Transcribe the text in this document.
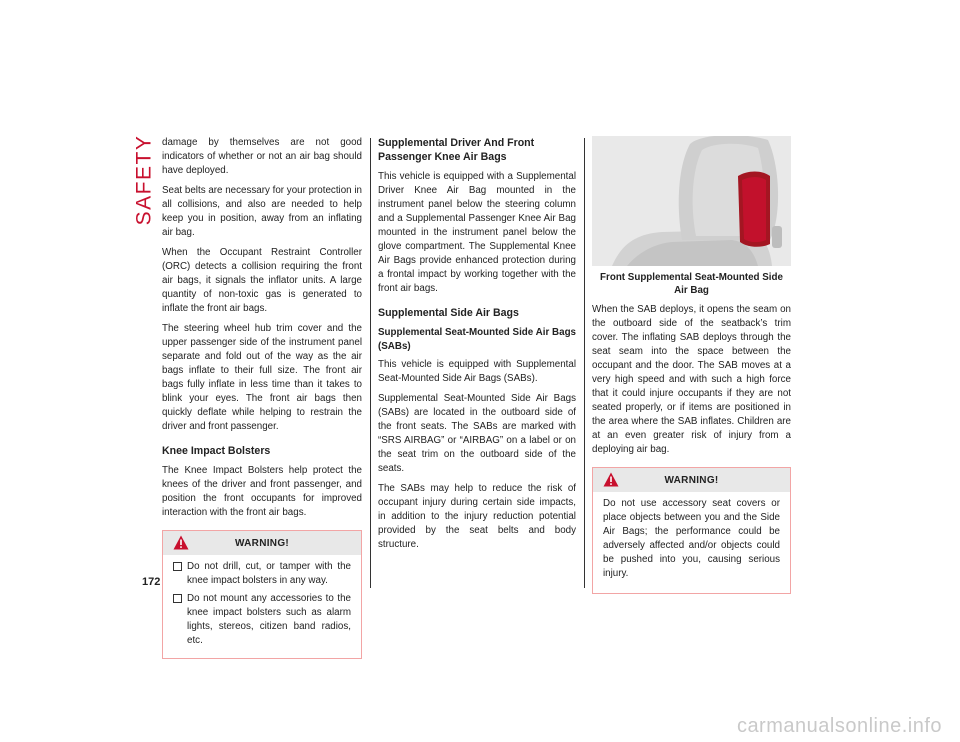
SAFETY
172

damage by themselves are not good indicators of whether or not an air bag should have deployed.

Seat belts are necessary for your protection in all collisions, and also are needed to help keep you in position, away from an inflating air bag.

When the Occupant Restraint Controller (ORC) detects a collision requiring the front air bags, it signals the inflator units. A large quantity of non-toxic gas is generated to inflate the front air bags.

The steering wheel hub trim cover and the upper passenger side of the instrument panel separate and fold out of the way as the air bags inflate to their full size. The front air bags fully inflate in less time than it takes to blink your eyes. The front air bags then quickly deflate while helping to restrain the driver and front passenger.

Knee Impact Bolsters

The Knee Impact Bolsters help protect the knees of the driver and front passenger, and position the front occupants for improved interaction with the front air bags.

WARNING!

Do not drill, cut, or tamper with the knee impact bolsters in any way.

Do not mount any accessories to the knee impact bolsters such as alarm lights, stereos, citizen band radios, etc.

Supplemental Driver And Front Passenger Knee Air Bags

This vehicle is equipped with a Supplemental Driver Knee Air Bag mounted in the instrument panel below the steering column and a Supplemental Passenger Knee Air Bag mounted in the instrument panel below the glove compartment. The Supplemental Knee Air Bags provide enhanced protection during a frontal impact by working together with the front air bags.

Supplemental Side Air Bags
Supplemental Seat-Mounted Side Air Bags (SABs)

This vehicle is equipped with Supplemental Seat-Mounted Side Air Bags (SABs).

Supplemental Seat-Mounted Side Air Bags (SABs) are located in the outboard side of the front seats. The SABs are marked with “SRS AIRBAG” or “AIRBAG” on a label or on the seat trim on the outboard side of the seats.

The SABs may help to reduce the risk of occupant injury during certain side impacts, in addition to the injury reduction potential provided by the seat belts and body structure.

Front Supplemental Seat-Mounted Side Air Bag

When the SAB deploys, it opens the seam on the outboard side of the seatback’s trim cover. The inflating SAB deploys through the seat seam into the space between the occupant and the door. The SAB moves at a very high speed and with such a high force that it could injure occupants if they are not seated properly, or if items are positioned in the area where the SAB inflates. Children are at an even greater risk of injury from a deploying air bag.

WARNING!

Do not use accessory seat covers or place objects between you and the Side Air Bags; the performance could be adversely affected and/or objects could be pushed into you, causing serious injury.

carmanualsonline.info
